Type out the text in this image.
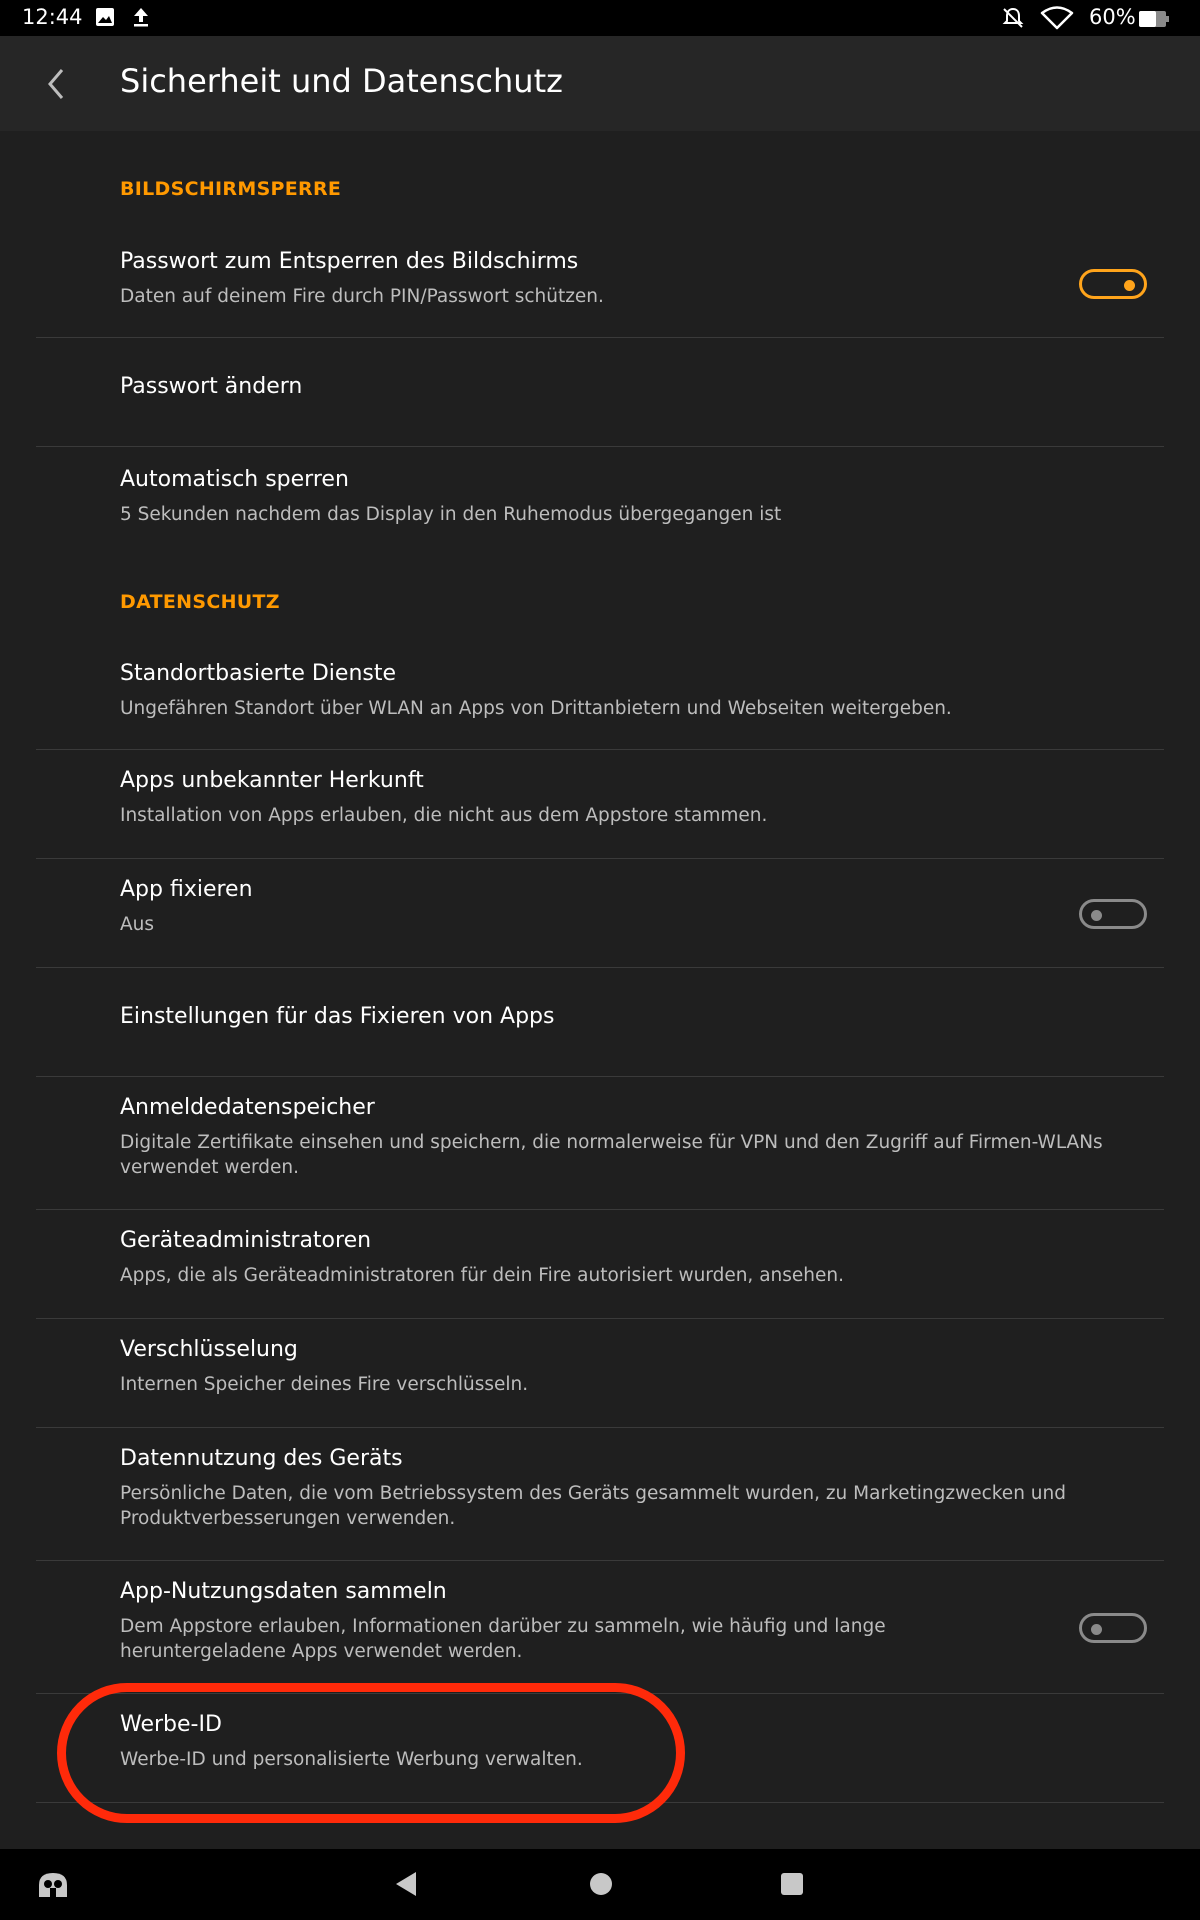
12:44	60%
Sicherheit und Datenschutz
BILDSCHIRMSPERRE
Passwort zum Entsperren des Bildschirms
Daten auf deinem Fire durch PIN/Passwort schützen.
Passwort ändern
Automatisch sperren
5 Sekunden nachdem das Display in den Ruhemodus übergegangen ist
DATENSCHUTZ
Standortbasierte Dienste
Ungefähren Standort über WLAN an Apps von Drittanbietern und Webseiten weitergeben.
Apps unbekannter Herkunft
Installation von Apps erlauben, die nicht aus dem Appstore stammen.
App fixieren
Aus
Einstellungen für das Fixieren von Apps
Anmeldedatenspeicher
Digitale Zertifikate einsehen und speichern, die normalerweise für VPN und den Zugriff auf Firmen-WLANs verwendet werden.
Geräteadministratoren
Apps, die als Geräteadministratoren für dein Fire autorisiert wurden, ansehen.
Verschlüsselung
Internen Speicher deines Fire verschlüsseln.
Datennutzung des Geräts
Persönliche Daten, die vom Betriebssystem des Geräts gesammelt wurden, zu Marketingzwecken und Produktverbesserungen verwenden.
App-Nutzungsdaten sammeln
Dem Appstore erlauben, Informationen darüber zu sammeln, wie häufig und lange heruntergeladene Apps verwendet werden.
Werbe-ID
Werbe-ID und personalisierte Werbung verwalten.
